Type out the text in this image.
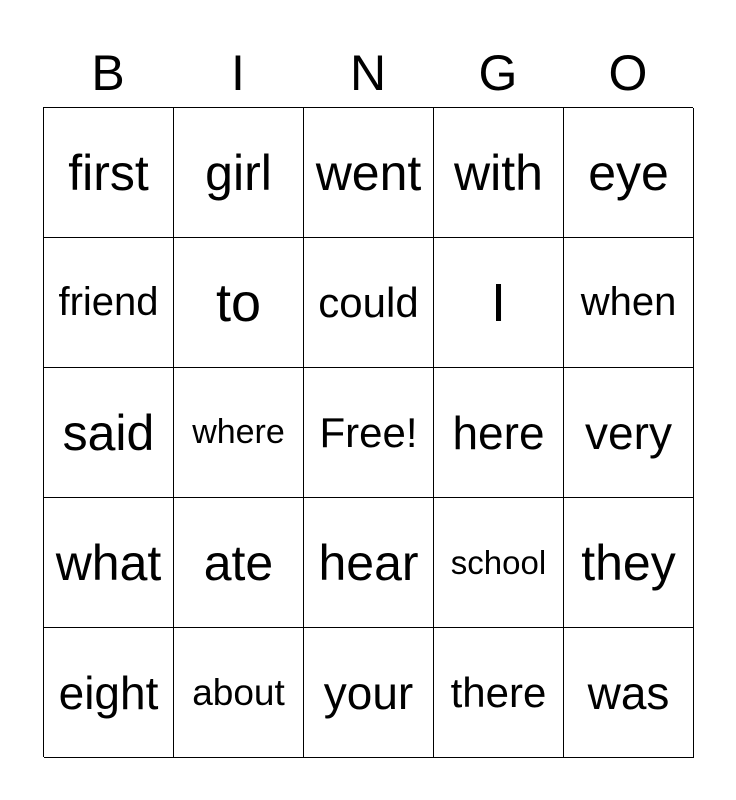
B	I	N	G	O
first	girl went with eye
friend	to	could	I	when
said	where Free! here very
what ate hear school they
eight about your there was
